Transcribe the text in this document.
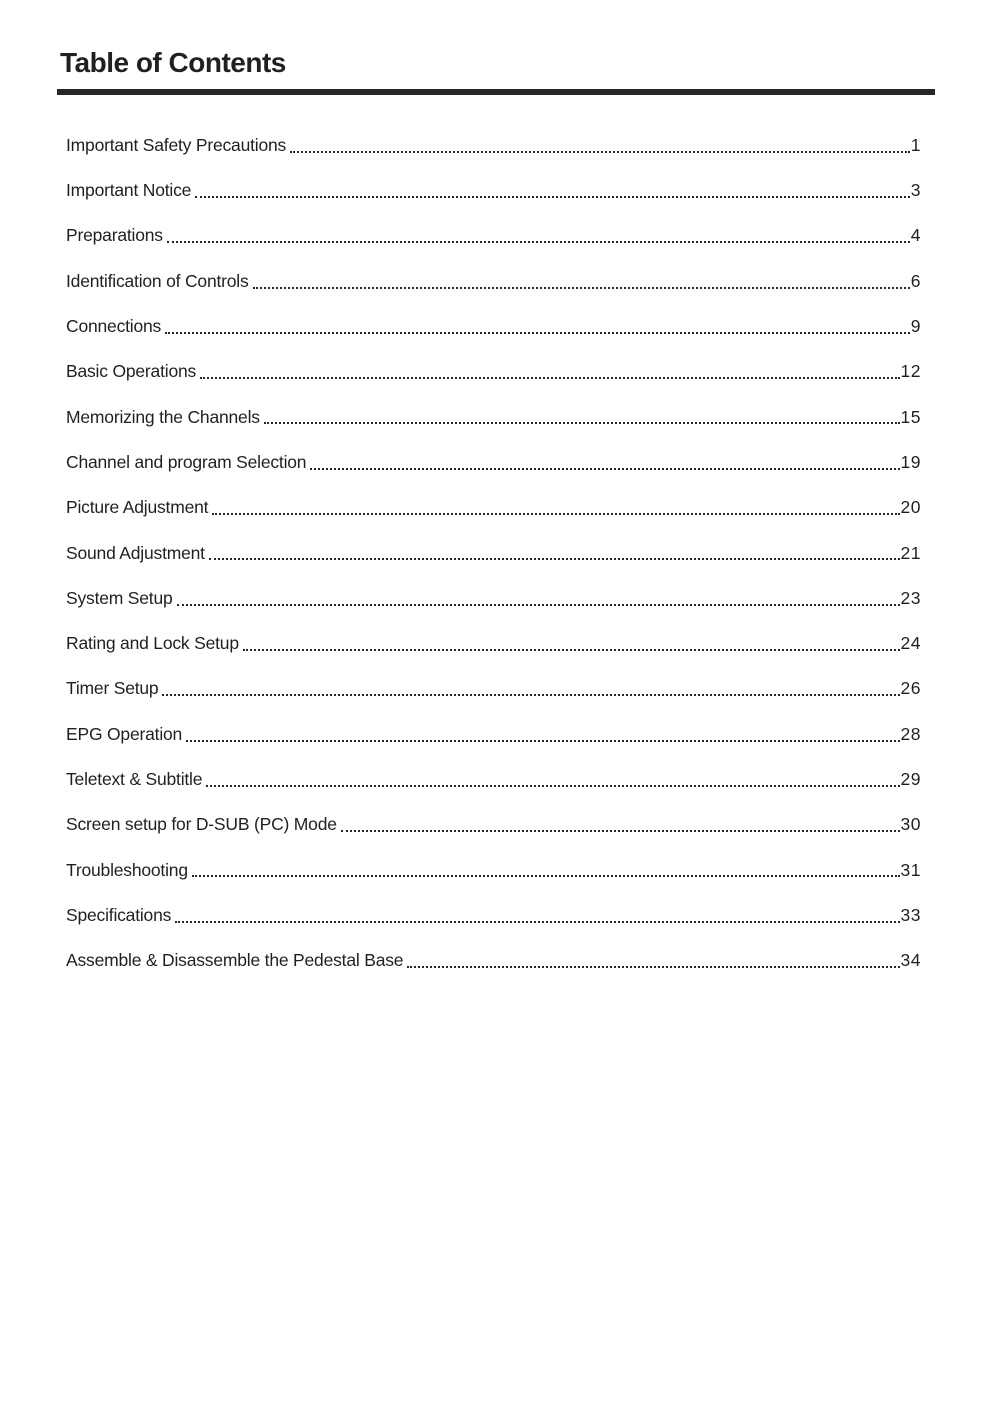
Table of Contents
Important Safety Precautions	1
Important Notice	3
Preparations	4
Identification of Controls	6
Connections	9
Basic Operations	12
Memorizing the Channels	15
Channel and program Selection	19
Picture Adjustment	20
Sound Adjustment	21
System Setup	23
Rating and Lock Setup	24
Timer Setup	26
EPG Operation	28
Teletext & Subtitle	29
Screen setup for D-SUB (PC) Mode	30
Troubleshooting	31
Specifications	33
Assemble & Disassemble the Pedestal Base	34
